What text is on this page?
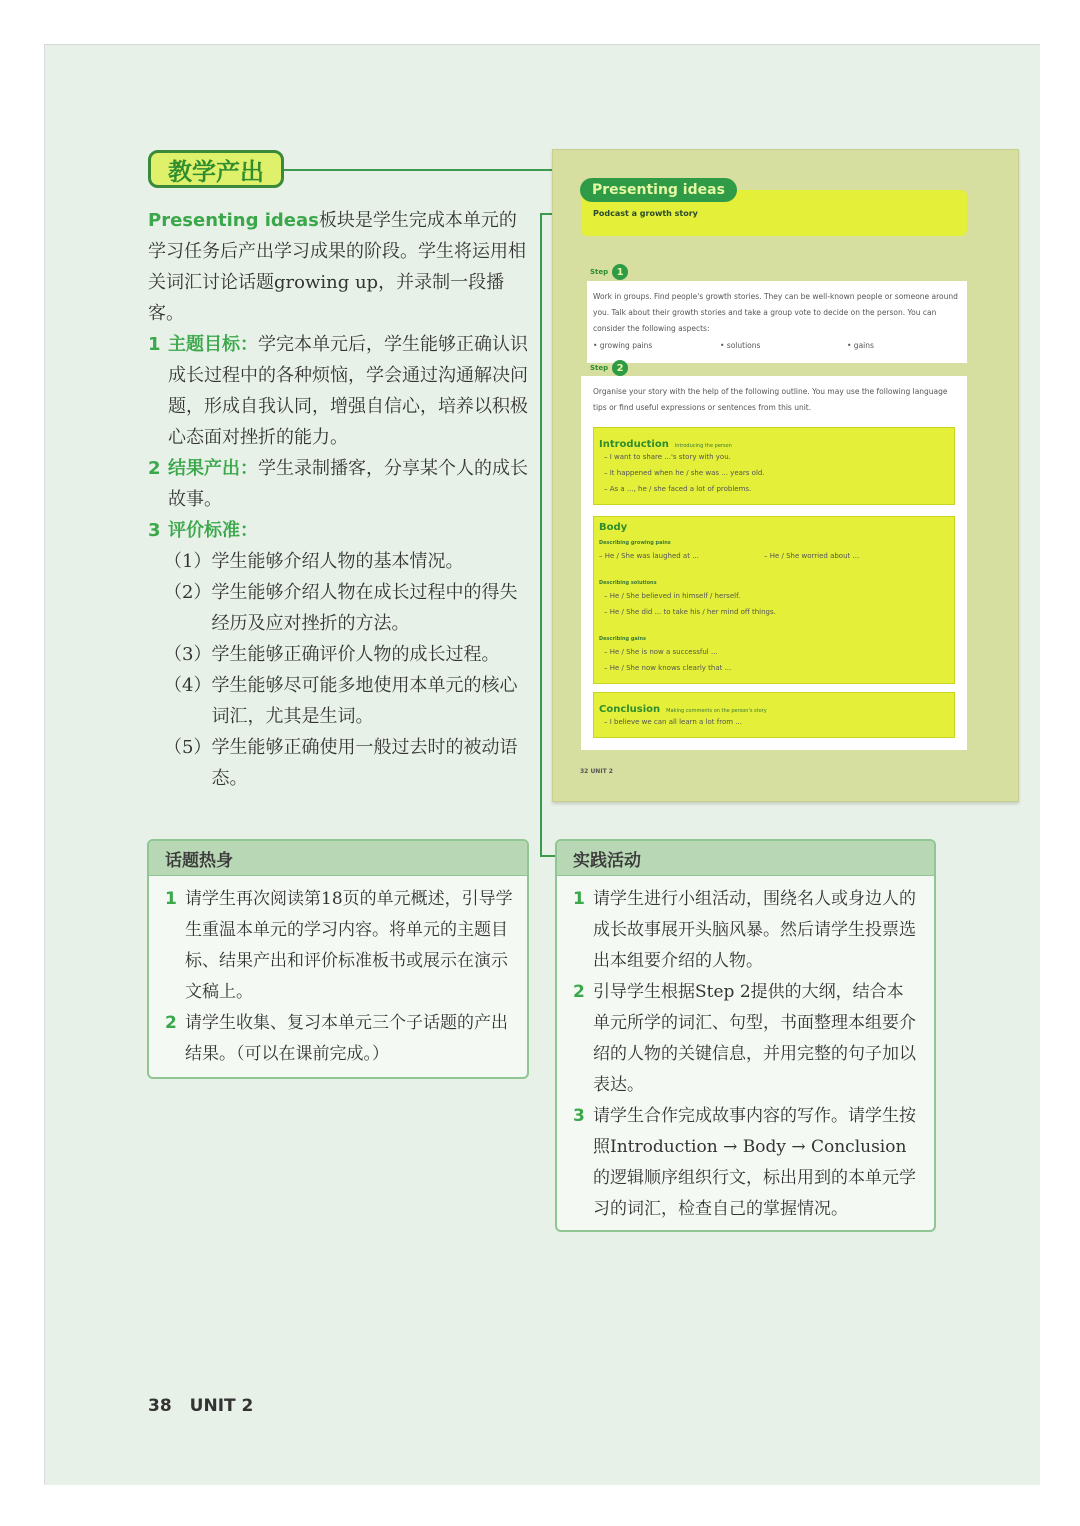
教学产出

Presenting ideas板块是学生完成本单元的学习任务后产出学习成果的阶段。学生将运用相关词汇讨论话题growing up，并录制一段播客。

1 主题目标：学完本单元后，学生能够正确认识成长过程中的各种烦恼，学会通过沟通解决问题，形成自我认同，增强自信心，培养以积极心态面对挫折的能力。
2 结果产出：学生录制播客，分享某个人的成长故事。
3 评价标准：
（1） 学生能够介绍人物的基本情况。
（2） 学生能够介绍人物在成长过程中的得失经历及应对挫折的方法。
（3） 学生能够正确评价人物的成长过程。
（4） 学生能够尽可能多地使用本单元的核心词汇，尤其是生词。
（5） 学生能够正确使用一般过去时的被动语态。
Podcast a growth story
Presenting ideas
Step 1
Work in groups. Find people's growth stories. They can be well-known people or someone around you. Talk about their growth stories and take a group vote to decide on the person. You can consider the following aspects:
• growing pains	• solutions	• gains
Step 2
Organise your story with the help of the following outline. You may use the following language tips or find useful expressions or sentences from this unit.
Introduction Introducing the person
– I want to share ...'s story with you.
– It happened when he / she was ... years old.
– As a ..., he / she faced a lot of problems.
Body
Describing growing pains
– He / She was laughed at ...	– He / She worried about ...
Describing solutions
– He / She believed in himself / herself.
– He / She did ... to take his / her mind off things.
Describing gains
– He / She is now a successful ...
– He / She now knows clearly that ...
Conclusion Making comments on the person's story
– I believe we can all learn a lot from ...
32 UNIT 2
话题热身
1 请学生再次阅读第18页的单元概述，引导学生重温本单元的学习内容。将单元的主题目标、结果产出和评价标准板书或展示在演示文稿上。
2 请学生收集、复习本单元三个子话题的产出结果。（可以在课前完成。）
实践活动
1 请学生进行小组活动，围绕名人或身边人的成长故事展开头脑风暴。然后请学生投票选出本组要介绍的人物。
2 引导学生根据Step 2提供的大纲，结合本单元所学的词汇、句型，书面整理本组要介绍的人物的关键信息，并用完整的句子加以表达。
3 请学生合作完成故事内容的写作。请学生按照Introduction → Body → Conclusion的逻辑顺序组织行文，标出用到的本单元学习的词汇，检查自己的掌握情况。
38 UNIT 2
